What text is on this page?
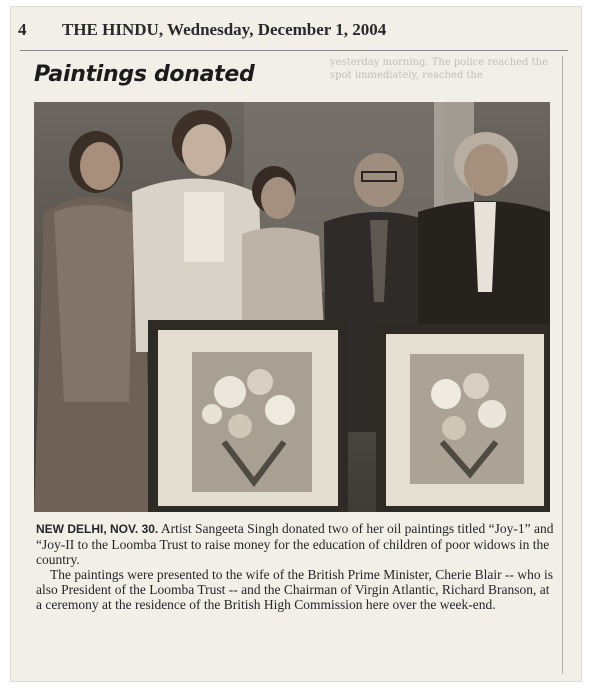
4 THE HINDU, Wednesday, December 1, 2004
yesterday morning. The police reached the spot immediately, reached the
Paintings donated

NEW DELHI, NOV. 30. Artist Sangeeta Singh donated two of her oil paintings titled “Joy-1” and “Joy-II to the Loomba Trust to raise money for the education of children of poor widows in the country.

The paintings were presented to the wife of the British Prime Minister, Cherie Blair -- who is also President of the Loomba Trust -- and the Chairman of Virgin Atlantic, Richard Branson, at a ceremony at the residence of the British High Commission here over the week-end.
